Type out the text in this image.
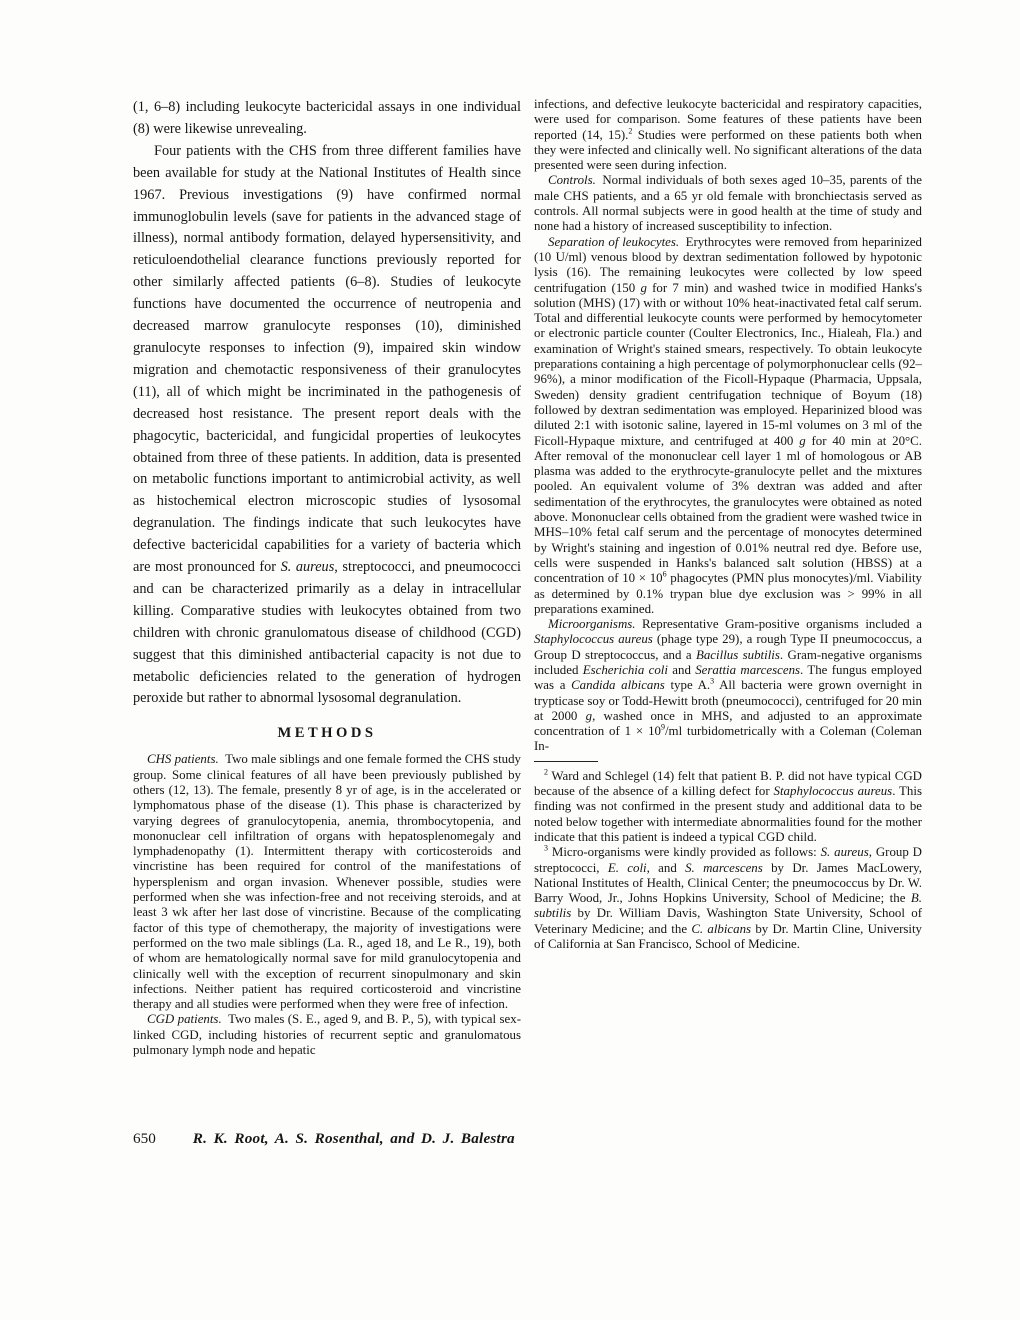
(1, 6–8) including leukocyte bactericidal assays in one individual (8) were likewise unrevealing.

Four patients with the CHS from three different families have been available for study at the National Institutes of Health since 1967. Previous investigations (9) have confirmed normal immunoglobulin levels (save for patients in the advanced stage of illness), normal antibody formation, delayed hypersensitivity, and reticuloendothelial clearance functions previously reported for other similarly affected patients (6–8). Studies of leukocyte functions have documented the occurrence of neutropenia and decreased marrow granulocyte responses (10), diminished granulocyte responses to infection (9), impaired skin window migration and chemotactic responsiveness of their granulocytes (11), all of which might be incriminated in the pathogenesis of decreased host resistance. The present report deals with the phagocytic, bactericidal, and fungicidal properties of leukocytes obtained from three of these patients. In addition, data is presented on metabolic functions important to antimicrobial activity, as well as histochemical electron microscopic studies of lysosomal degranulation. The findings indicate that such leukocytes have defective bactericidal capabilities for a variety of bacteria which are most pronounced for S. aureus, streptococci, and pneumococci and can be characterized primarily as a delay in intracellular killing. Comparative studies with leukocytes obtained from two children with chronic granulomatous disease of childhood (CGD) suggest that this diminished antibacterial capacity is not due to metabolic deficiencies related to the generation of hydrogen peroxide but rather to abnormal lysosomal degranulation.

METHODS

CHS patients. Two male siblings and one female formed the CHS study group. Some clinical features of all have been previously published by others (12, 13). The female, presently 8 yr of age, is in the accelerated or lymphomatous phase of the disease (1). This phase is characterized by varying degrees of granulocytopenia, anemia, thrombocytopenia, and mononuclear cell infiltration of organs with hepatosplenomegaly and lymphadenopathy (1). Intermittent therapy with corticosteroids and vincristine has been required for control of the manifestations of hypersplenism and organ invasion. Whenever possible, studies were performed when she was infection-free and not receiving steroids, and at least 3 wk after her last dose of vincristine. Because of the complicating factor of this type of chemotherapy, the majority of investigations were performed on the two male siblings (La. R., aged 18, and Le R., 19), both of whom are hematologically normal save for mild granulocytopenia and clinically well with the exception of recurrent sinopulmonary and skin infections. Neither patient has required corticosteroid and vincristine therapy and all studies were performed when they were free of infection.

CGD patients. Two males (S. E., aged 9, and B. P., 5), with typical sex-linked CGD, including histories of recurrent septic and granulomatous pulmonary lymph node and hepatic

infections, and defective leukocyte bactericidal and respiratory capacities, were used for comparison. Some features of these patients have been reported (14, 15).$^2$ Studies were performed on these patients both when they were infected and clinically well. No significant alterations of the data presented were seen during infection.

Controls. Normal individuals of both sexes aged 10–35, parents of the male CHS patients, and a 65 yr old female with bronchiectasis served as controls. All normal subjects were in good health at the time of study and none had a history of increased susceptibility to infection.

Separation of leukocytes. Erythrocytes were removed from heparinized (10 U/ml) venous blood by dextran sedimentation followed by hypotonic lysis (16). The remaining leukocytes were collected by low speed centrifugation (150 g for 7 min) and washed twice in modified Hanks's solution (MHS) (17) with or without 10% heat-inactivated fetal calf serum. Total and differential leukocyte counts were performed by hemocytometer or electronic particle counter (Coulter Electronics, Inc., Hialeah, Fla.) and examination of Wright's stained smears, respectively. To obtain leukocyte preparations containing a high percentage of polymorphonuclear cells (92–96%), a minor modification of the Ficoll-Hypaque (Pharmacia, Uppsala, Sweden) density gradient centrifugation technique of Boyum (18) followed by dextran sedimentation was employed. Heparinized blood was diluted 2:1 with isotonic saline, layered in 15-ml volumes on 3 ml of the Ficoll-Hypaque mixture, and centrifuged at 400 g for 40 min at 20°C. After removal of the mononuclear cell layer 1 ml of homologous or AB plasma was added to the erythrocyte-granulocyte pellet and the mixtures pooled. An equivalent volume of 3% dextran was added and after sedimentation of the erythrocytes, the granulocytes were obtained as noted above. Mononuclear cells obtained from the gradient were washed twice in MHS–10% fetal calf serum and the percentage of monocytes determined by Wright's staining and ingestion of 0.01% neutral red dye. Before use, cells were suspended in Hanks's balanced salt solution (HBSS) at a concentration of $10 \times 10^6$ phagocytes (PMN plus monocytes)/ml. Viability as determined by 0.1% trypan blue dye exclusion was > 99% in all preparations examined.

Microorganisms. Representative Gram-positive organisms included a Staphylococcus aureus (phage type 29), a rough Type II pneumococcus, a Group D streptococcus, and a Bacillus subtilis. Gram-negative organisms included Escherichia coli and Serattia marcescens. The fungus employed was a Candida albicans type A.$^3$ All bacteria were grown overnight in trypticase soy or Todd-Hewitt broth (pneumococci), centrifuged for 20 min at 2000 g, washed once in MHS, and adjusted to an approximate concentration of $1 \times 10^9/ml$ turbidometrically with a Coleman (Coleman In-

$^2$ Ward and Schlegel (14) felt that patient B. P. did not have typical CGD because of the absence of a killing defect for Staphylococcus aureus. This finding was not confirmed in the present study and additional data to be noted below together with intermediate abnormalities found for the mother indicate that this patient is indeed a typical CGD child.

$^3$ Micro-organisms were kindly provided as follows: S. aureus, Group D streptococci, E. coli, and S. marcescens by Dr. James MacLowery, National Institutes of Health, Clinical Center; the pneumococcus by Dr. W. Barry Wood, Jr., Johns Hopkins University, School of Medicine; the B. subtilis by Dr. William Davis, Washington State University, School of Veterinary Medicine; and the C. albicans by Dr. Martin Cline, University of California at San Francisco, School of Medicine.

650 R. K. Root, A. S. Rosenthal, and D. J. Balestra
